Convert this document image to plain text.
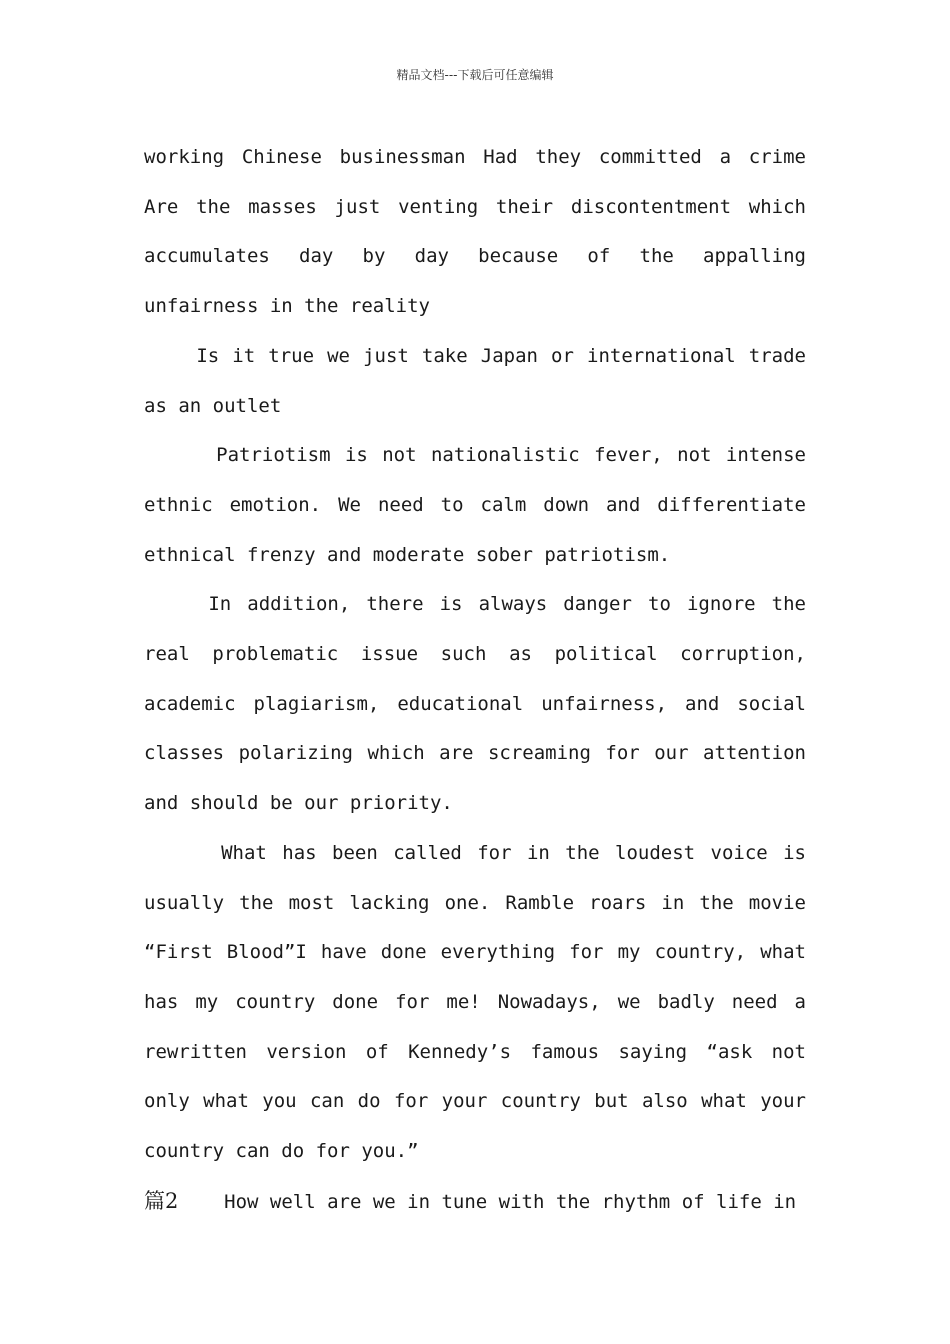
精品文档---下载后可任意编辑

working Chinese businessman Had they committed a crime Are the masses just venting their discontentment which accumulates day by day because of the appalling unfairness in the reality

Is it true we just take Japan or international trade as an outlet

Patriotism is not nationalistic fever, not intense ethnic emotion. We need to calm down and differentiate ethnical frenzy and moderate sober patriotism.

In addition, there is always danger to ignore the real problematic issue such as political corruption, academic plagiarism, educational unfairness, and social classes polarizing which are screaming for our attention and should be our priority.

What has been called for in the loudest voice is usually the most lacking one. Ramble roars in the movie “First Blood”I have done everything for my country, what has my country done for me! Nowadays, we badly need a rewritten version of Kennedy’s famous saying “ask not only what you can do for your country but also what your country can do for you.”

篇2    How well are we in tune with the rhythm of life in
